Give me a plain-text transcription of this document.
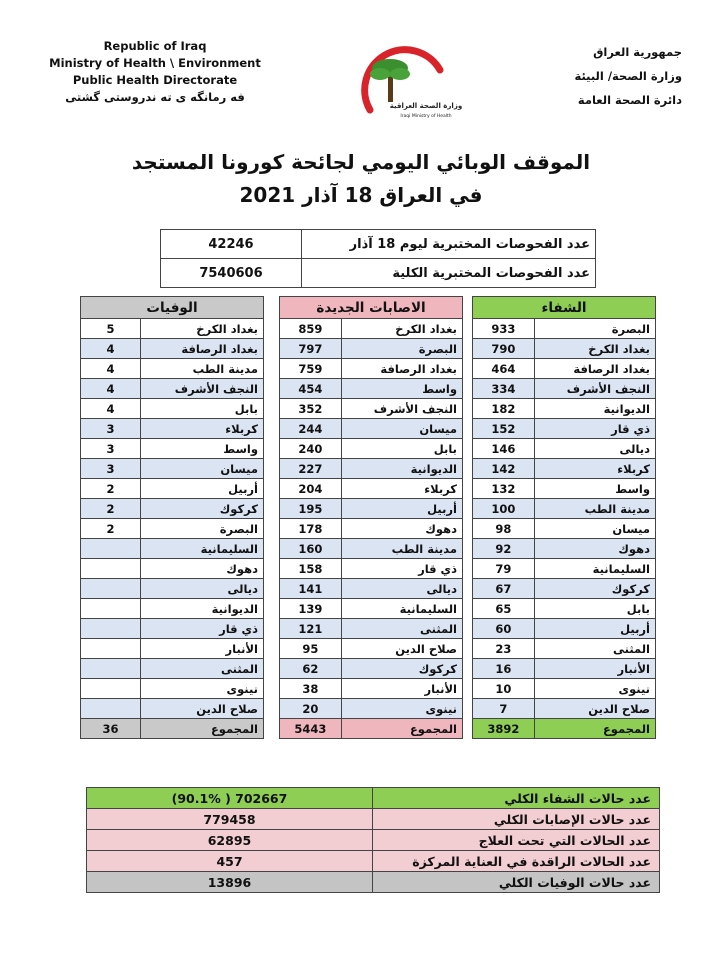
Republic of Iraq
Ministry of Health \ Environment
Public Health Directorate
فه رمانگه ی ته ندروستی گشتی
وزارة الصحة العراقية
Iraqi Ministry of Health
جمهورية العراق
وزارة الصحة/ البيئة
دائرة الصحة العامة
الموقف الوبائي اليومي لجائحة كورونا المستجد
في العراق 18 آذار 2021
42246	عدد الفحوصات المختبرية ليوم 18 آذار
7540606	عدد الفحوصات المختبرية الكلية
الوفيات	
5	بغداد الكرخ
4	بغداد الرصافة
4	مدينة الطب
4	النجف الأشرف
4	بابل
3	كربلاء
3	واسط
3	ميسان
2	أربيل
2	كركوك
2	البصرة
	السليمانية
	دهوك
	ديالى
	الديوانية
	ذي قار
	الأنبار
	المثنى
	نينوى
	صلاح الدين
36	المجموع
الاصابات الجديدة	
859	بغداد الكرخ
797	البصرة
759	بغداد الرصافة
454	واسط
352	النجف الأشرف
244	ميسان
240	بابل
227	الديوانية
204	كربلاء
195	أربيل
178	دهوك
160	مدينة الطب
158	ذي قار
141	ديالى
139	السليمانية
121	المثنى
95	صلاح الدين
62	كركوك
38	الأنبار
20	نينوى
5443	المجموع
الشفاء	
933	البصرة
790	بغداد الكرخ
464	بغداد الرصافة
334	النجف الأشرف
182	الديوانية
152	ذي قار
146	ديالى
142	كربلاء
132	واسط
100	مدينة الطب
98	ميسان
92	دهوك
79	السليمانية
67	كركوك
65	بابل
60	أربيل
23	المثنى
16	الأنبار
10	نينوى
7	صلاح الدين
3892	المجموع
(90.1% ) 702667	عدد حالات الشفاء الكلي
779458	عدد حالات الإصابات الكلي
62895	عدد الحالات التي تحت العلاج
457	عدد الحالات الراقدة في العناية المركزة
13896	عدد حالات الوفيات الكلي
